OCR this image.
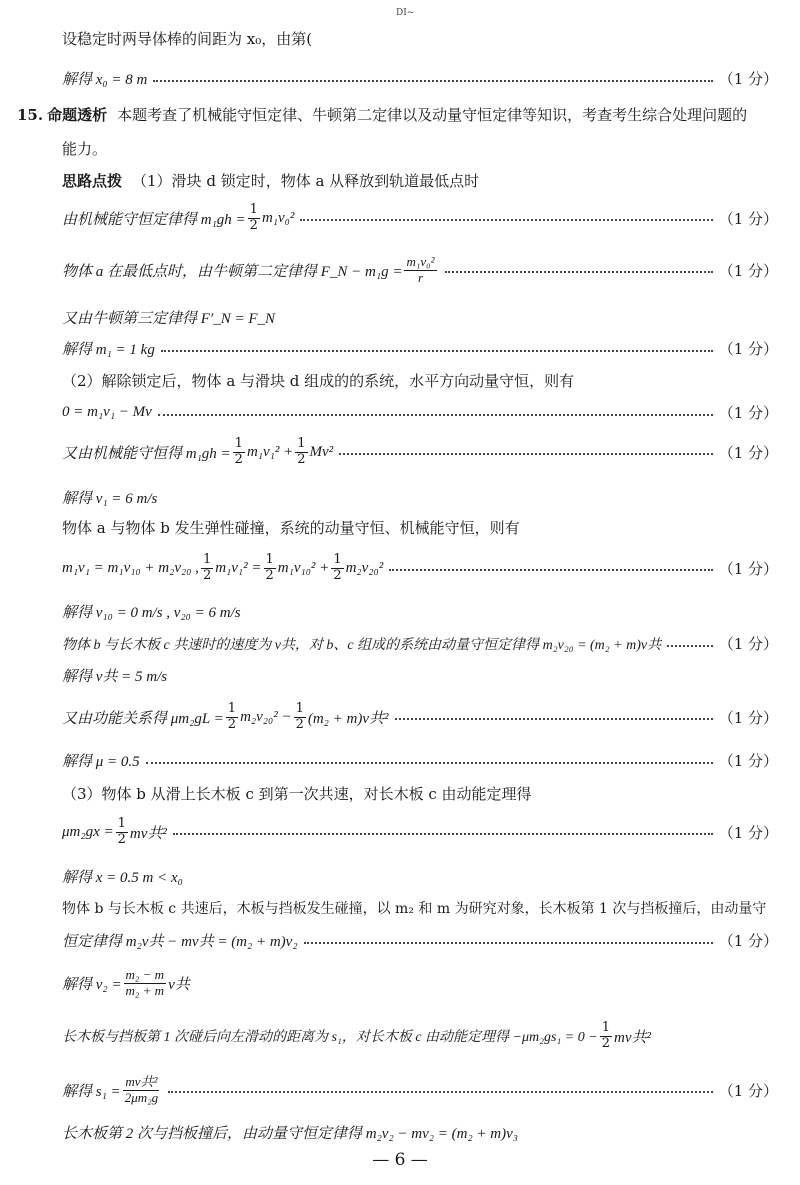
DI~
设稳定时两导体棒的间距为 x₀，由第(
解得 x₀ = 8 m	（1 分）
15. 命题透析 本题考查了机械能守恒定律、牛顿第二定律以及动量守恒定律等知识，考查考生综合处理问题的
能力。
思路点拨 （1）滑块 d 锁定时，物体 a 从释放到轨道最低点时
由机械能守恒定律得 $m_1gh = \frac{1}{2} m_1v_0^2$	（1 分）
物体 a 在最低点时，由牛顿第二定律得 F_N − $m_1g = \frac{\text{m₁v₀²}}{r}$	（1 分）
又由牛顿第三定律得 F′_N = F_N
解得 m₁ = 1 kg	（1 分）
（2）解除锁定后，物体 a 与滑块 d 组成的的系统，水平方向动量守恒，则有
0 = m₁v₁ − Mv	（1 分）
又由机械能守恒得 $m_1gh = \frac{1}{2} m_1v_1^2 + \frac{1}{2} Mv^2$	（1 分）
解得 v₁ = 6 m/s
物体 a 与物体 b 发生弹性碰撞，系统的动量守恒、机械能守恒，则有
m₁v₁ = m₁v₁₀ + m₂v₂₀ , $\frac{1}{2} m_1v_1^2 = \frac{1}{2} m_1v_{10}^2 + \frac{1}{2} m_2v_{20}^2$	（1 分）
解得 v₁₀ = 0 m/s , v₂₀ = 6 m/s
物体 b 与长木板 c 共速时的速度为 v共，对 b、c 组成的系统由动量守恒定律得 m₂v₂₀ = (m₂ + m)v共	（1 分）
解得 v共 = 5 m/s
又由功能关系得 $\mu m_2gL = \frac{1}{2} m_2v_{20}^2 - \frac{1}{2} (m_2 + m)v$共²	（1 分）
解得 μ = 0.5	（1 分）
（3）物体 b 从滑上长木板 c 到第一次共速，对长木板 c 由动能定理得
$\mu m_2gx = \frac{1}{2}$ mv共²	（1 分）
解得 x = 0.5 m < x₀
物体 b 与长木板 c 共速后，木板与挡板发生碰撞，以 m₂ 和 m 为研究对象，长木板第 1 次与挡板撞后，由动量守
恒定律得 m₂v共 − mv共 = (m₂ + m)v₂	（1 分）
解得 $v_2 = \frac{\text{m₂ − m}}{\text{m₂ + m}}$ v共
长木板与挡板第 1 次碰后向左滑动的距离为 s₁，对长木板 c 由动能定理得 $-\mu m_2gs_1 = 0 - \frac{1}{2}$ mv共²
解得 $s_1 = \frac{\text{mv共²}}{\text{2μm₂g}}$	（1 分）
长木板第 2 次与挡板撞后，由动量守恒定律得 m₂v₂ − mv₂ = (m₂ + m)v₃
— 6 —
